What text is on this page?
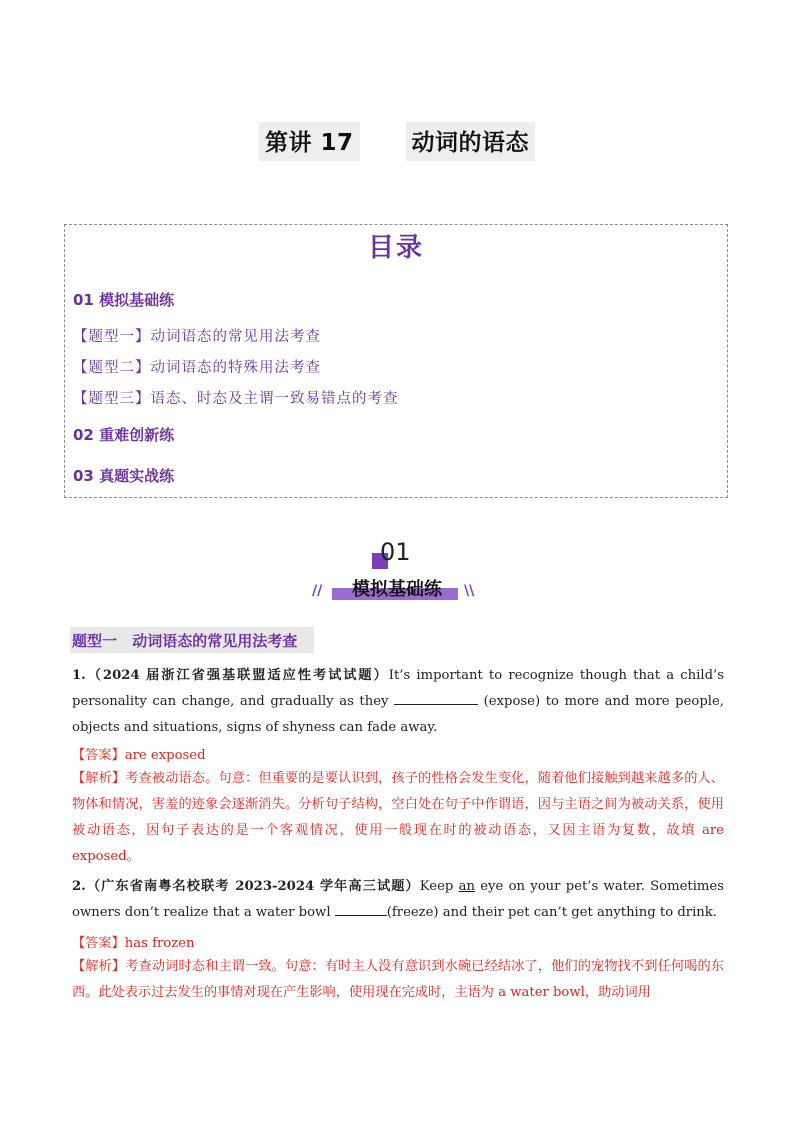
第讲 17	动词的语态
目录
01 模拟基础练
【题型一】动词语态的常见用法考查
【题型二】动词语态的特殊用法考查
【题型三】语态、时态及主谓一致易错点的考查
02 重难创新练
03 真题实战练
01
//	模拟基础练	\\
题型一 动词语态的常见用法考查
1.（2024 届浙江省强基联盟适应性考试试题）It’s important to recognize though that a child’s personality can change, and gradually as they	(expose) to more and more people, objects and situations, signs of shyness can fade away.
【答案】are exposed
【解析】考查被动语态。句意：但重要的是要认识到，孩子的性格会发生变化，随着他们接触到越来越多的人、物体和情况，害羞的迹象会逐渐消失。分析句子结构，空白处在句子中作谓语，因与主语之间为被动关系，使用被动语态，因句子表达的是一个客观情况，使用一般现在时的被动语态，又因主语为复数，故填 are exposed。
2.（广东省南粤名校联考 2023-2024 学年高三试题）Keep an eye on your pet’s water. Sometimes owners don’t realize that a water bowl	(freeze) and their pet can’t get anything to drink.
【答案】has frozen
【解析】考查动词时态和主谓一致。句意：有时主人没有意识到水碗已经结冰了，他们的宠物找不到任何喝的东西。此处表示过去发生的事情对现在产生影响，使用现在完成时，主语为 a water bowl，助动词用
